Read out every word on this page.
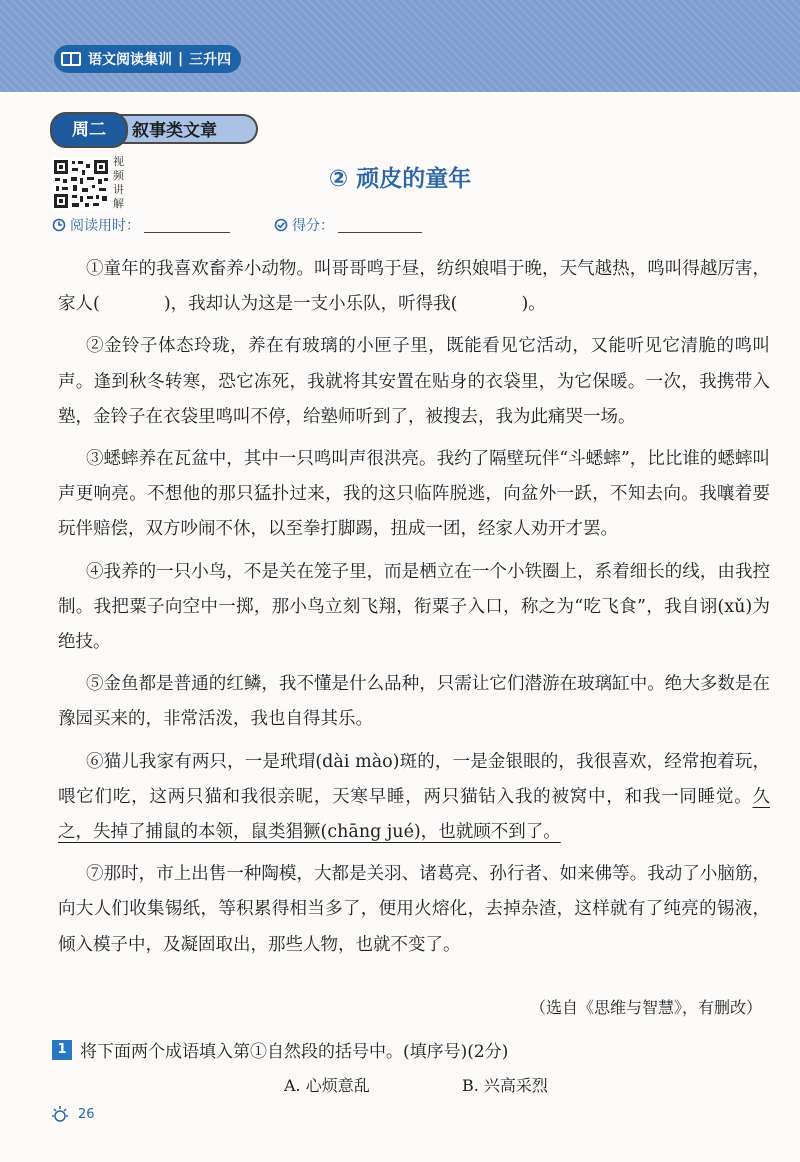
语文阅读集训 | 三升四
叙事类文章
周二
视频讲解
② 顽皮的童年
阅读用时：	得分：

①童年的我喜欢畜养小动物。叫哥哥鸣于昼，纺织娘唱于晚，天气越热，鸣叫得越厉害，家人(	)，我却认为这是一支小乐队，听得我(	)。

②金铃子体态玲珑，养在有玻璃的小匣子里，既能看见它活动，又能听见它清脆的鸣叫声。逢到秋冬转寒，恐它冻死，我就将其安置在贴身的衣袋里，为它保暖。一次，我携带入塾，金铃子在衣袋里鸣叫不停，给塾师听到了，被搜去，我为此痛哭一场。

③蟋蟀养在瓦盆中，其中一只鸣叫声很洪亮。我约了隔壁玩伴“斗蟋蟀”，比比谁的蟋蟀叫声更响亮。不想他的那只猛扑过来，我的这只临阵脱逃，向盆外一跃，不知去向。我嚷着要玩伴赔偿，双方吵闹不休，以至拳打脚踢，扭成一团，经家人劝开才罢。

④我养的一只小鸟，不是关在笼子里，而是栖立在一个小铁圈上，系着细长的线，由我控制。我把粟子向空中一掷，那小鸟立刻飞翔，衔粟子入口，称之为“吃飞食”，我自诩(xǔ)为绝技。

⑤金鱼都是普通的红鳞，我不懂是什么品种，只需让它们潜游在玻璃缸中。绝大多数是在豫园买来的，非常活泼，我也自得其乐。

⑥猫儿我家有两只，一是玳瑁(dài mào)斑的，一是金银眼的，我很喜欢，经常抱着玩，喂它们吃，这两只猫和我很亲昵，天寒早睡，两只猫钻入我的被窝中，和我一同睡觉。久之，失掉了捕鼠的本领，鼠类猖獗(chāng jué)，也就顾不到了。

⑦那时，市上出售一种陶模，大都是关羽、诸葛亮、孙行者、如来佛等。我动了小脑筋，向大人们收集锡纸，等积累得相当多了，便用火熔化，去掉杂渣，这样就有了纯亮的锡液，倾入模子中，及凝固取出，那些人物，也就不变了。

（选自《思维与智慧》，有删改）
1 将下面两个成语填入第①自然段的括号中。(填序号)(2分)
A. 心烦意乱	B. 兴高采烈
26
